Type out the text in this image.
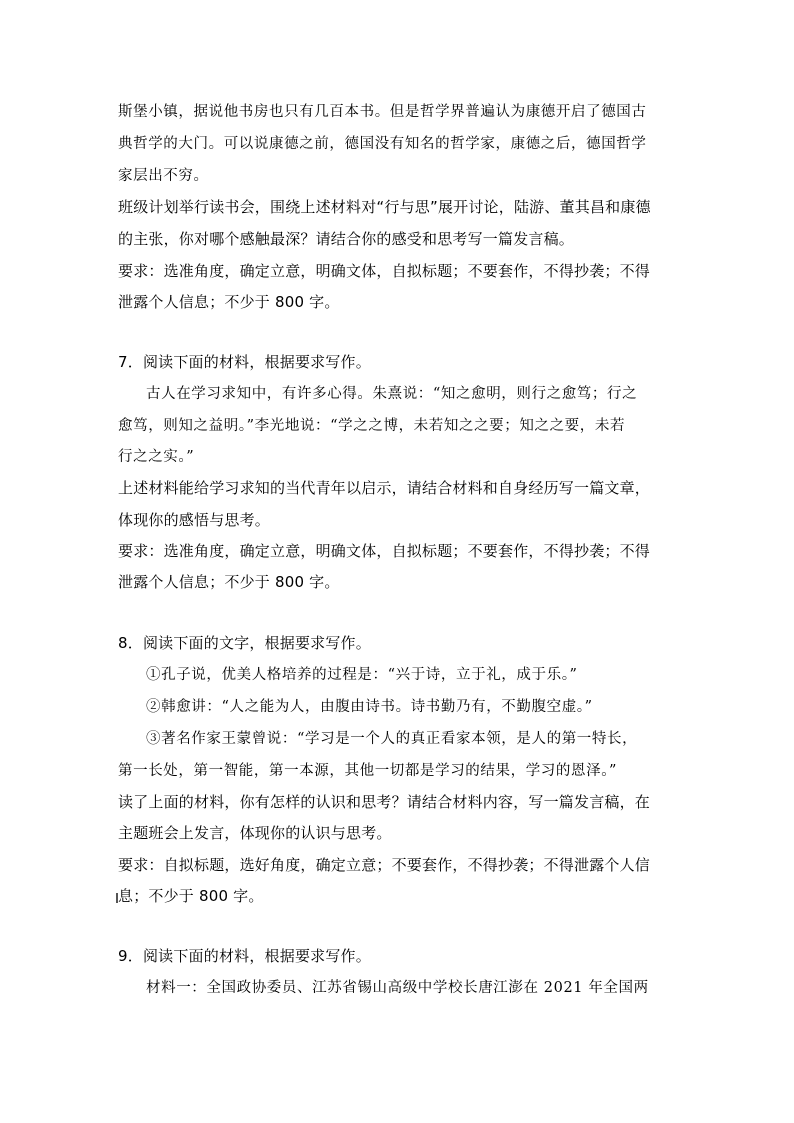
斯堡小镇，据说他书房也只有几百本书。但是哲学界普遍认为康德开启了德国古
典哲学的大门。可以说康德之前，德国没有知名的哲学家，康德之后，德国哲学
家层出不穷。
班级计划举行读书会，围绕上述材料对“行与思”展开讨论，陆游、董其昌和康德
的主张，你对哪个感触最深？请结合你的感受和思考写一篇发言稿。
要求：选准角度，确定立意，明确文体，自拟标题；不要套作，不得抄袭；不得
泄露个人信息；不少于 800 字。
7．阅读下面的材料，根据要求写作。
古人在学习求知中，有许多心得。朱熹说：“知之愈明，则行之愈笃；行之
愈笃，则知之益明。”李光地说：“学之之博，未若知之之要；知之之要，未若
行之之实。”
上述材料能给学习求知的当代青年以启示，请结合材料和自身经历写一篇文章，
体现你的感悟与思考。
要求：选准角度，确定立意，明确文体，自拟标题；不要套作，不得抄袭；不得
泄露个人信息；不少于 800 字。
8．阅读下面的文字，根据要求写作。
①孔子说，优美人格培养的过程是：“兴于诗，立于礼，成于乐。”
②韩愈讲：“人之能为人，由腹由诗书。诗书勤乃有，不勤腹空虚。”
③著名作家王蒙曾说：“学习是一个人的真正看家本领，是人的第一特长，
第一长处，第一智能，第一本源，其他一切都是学习的结果，学习的恩泽。”
读了上面的材料，你有怎样的认识和思考？请结合材料内容，写一篇发言稿，在
主题班会上发言，体现你的认识与思考。
要求：自拟标题，选好角度，确定立意；不要套作，不得抄袭；不得泄露个人信
息；不少于 800 字。
9．阅读下面的材料，根据要求写作。
材料一：全国政协委员、江苏省锡山高级中学校长唐江澎在 2021 年全国两
